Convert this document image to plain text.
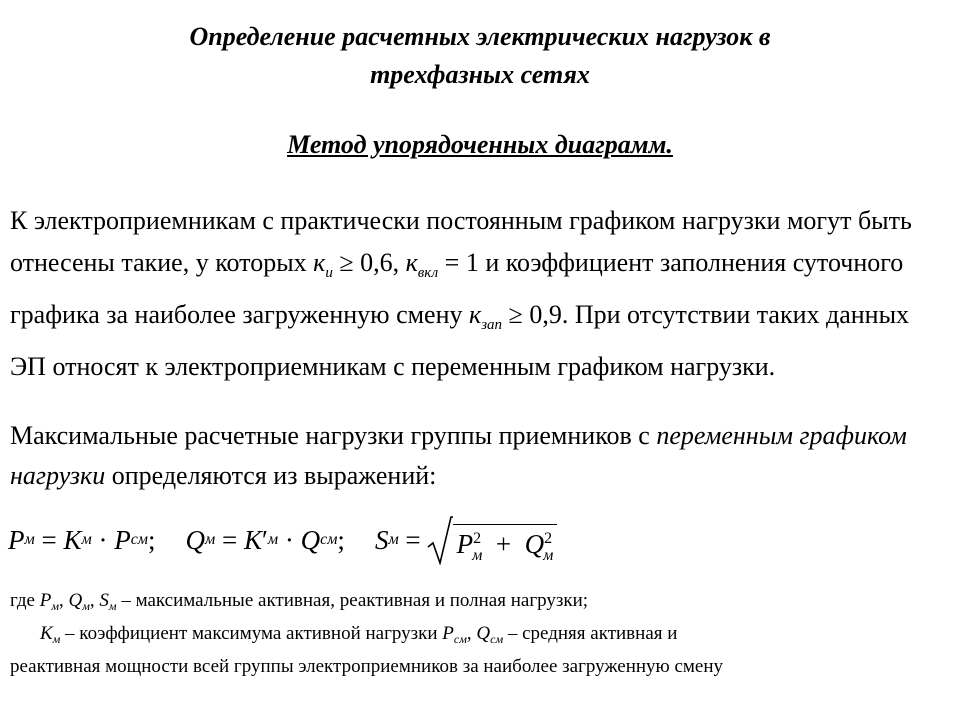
Определение расчетных электрических нагрузок в
трехфазных сетях
Метод упорядоченных диаграмм.
К электроприемникам с практически постоянным графиком нагрузки могут быть отнесены такие, у которых $к_и \ge 0,6$, $к_{вкл} = 1$ и коэффициент заполнения суточного графика за наиболее загруженную смену $к_{зап} \ge 0,9$. При отсутствии таких данных ЭП относят к электроприемникам с переменным графиком нагрузки.
Максимальные расчетные нагрузки группы приемников с переменным графиком нагрузки определяются из выражений:
P м
=
K м
·
P см ; Q м
=
K ′ м
·
Q см ; S м
= $P^2_м + Q^2_м$
где $P_м$, $Q_м$, $S_м$ – максимальные активная, реактивная и полная нагрузки;
$К_м$ – коэффициент максимума активной нагрузки $P_{см}$, $Q_{см}$ – средняя активная и
реактивная мощности всей группы электроприемников за наиболее загруженную смену
